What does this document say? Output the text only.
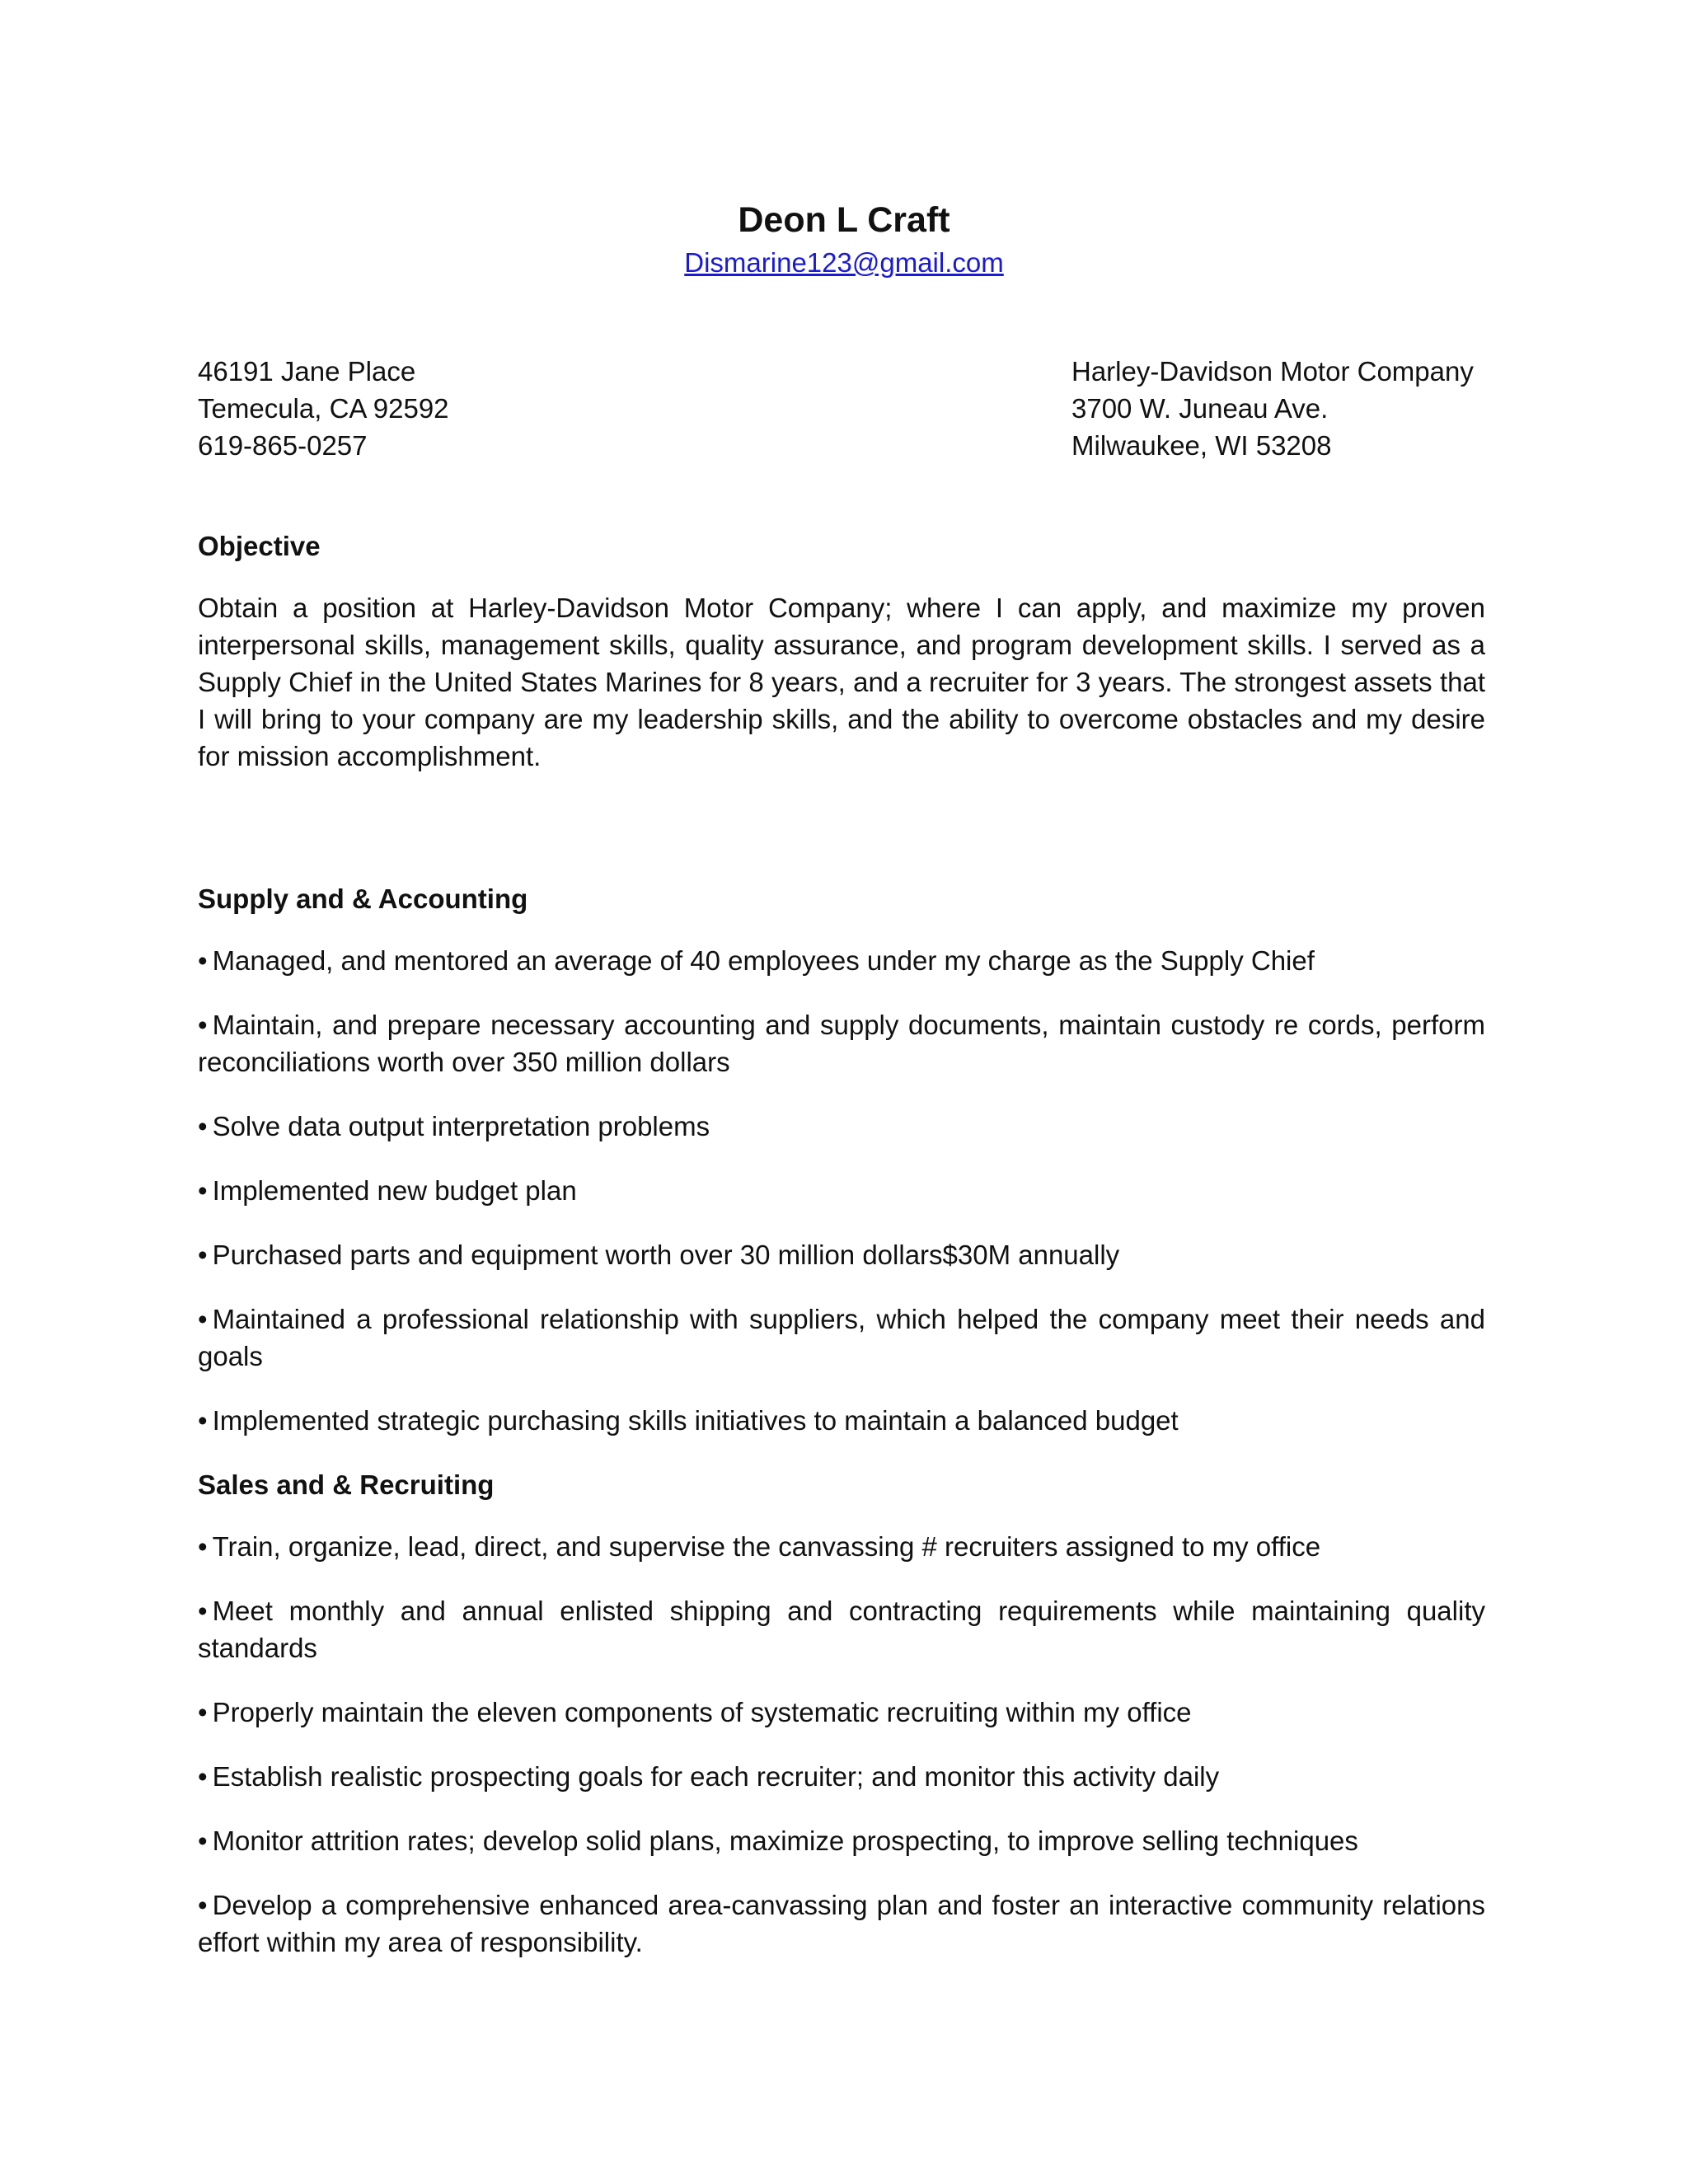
Deon L Craft
Dismarine123@gmail.com
46191 Jane Place
Temecula, CA 92592
619-865-0257
Harley-Davidson Motor Company
3700 W. Juneau Ave.
Milwaukee, WI 53208
Objective
Obtain a position at Harley-Davidson Motor Company; where I can apply, and maximize my proven interpersonal skills, management skills, quality assurance, and program development skills. I served as a Supply Chief in the United States Marines for 8 years, and a recruiter for 3 years. The strongest assets that I will bring to your company are my leadership skills, and the ability to overcome obstacles and my desire for mission accomplishment.
Supply and & Accounting
• Managed, and mentored an average of 40 employees under my charge as the Supply Chief
• Maintain, and prepare necessary accounting and supply documents, maintain custody re cords, perform reconciliations worth over 350 million dollars
• Solve data output interpretation problems
• Implemented new budget plan
• Purchased parts and equipment worth over 30 million dollars$30M annually
• Maintained a professional relationship with suppliers, which helped the company meet their needs and goals
• Implemented strategic purchasing skills initiatives to maintain a balanced budget
Sales and & Recruiting
• Train, organize, lead, direct, and supervise the canvassing # recruiters assigned to my office
• Meet monthly and annual enlisted shipping and contracting requirements while maintaining quality standards
• Properly maintain the eleven components of systematic recruiting within my office
• Establish realistic prospecting goals for each recruiter; and monitor this activity daily
• Monitor attrition rates; develop solid plans, maximize prospecting, to improve selling techniques
• Develop a comprehensive enhanced area-canvassing plan and foster an interactive community relations effort within my area of responsibility.
